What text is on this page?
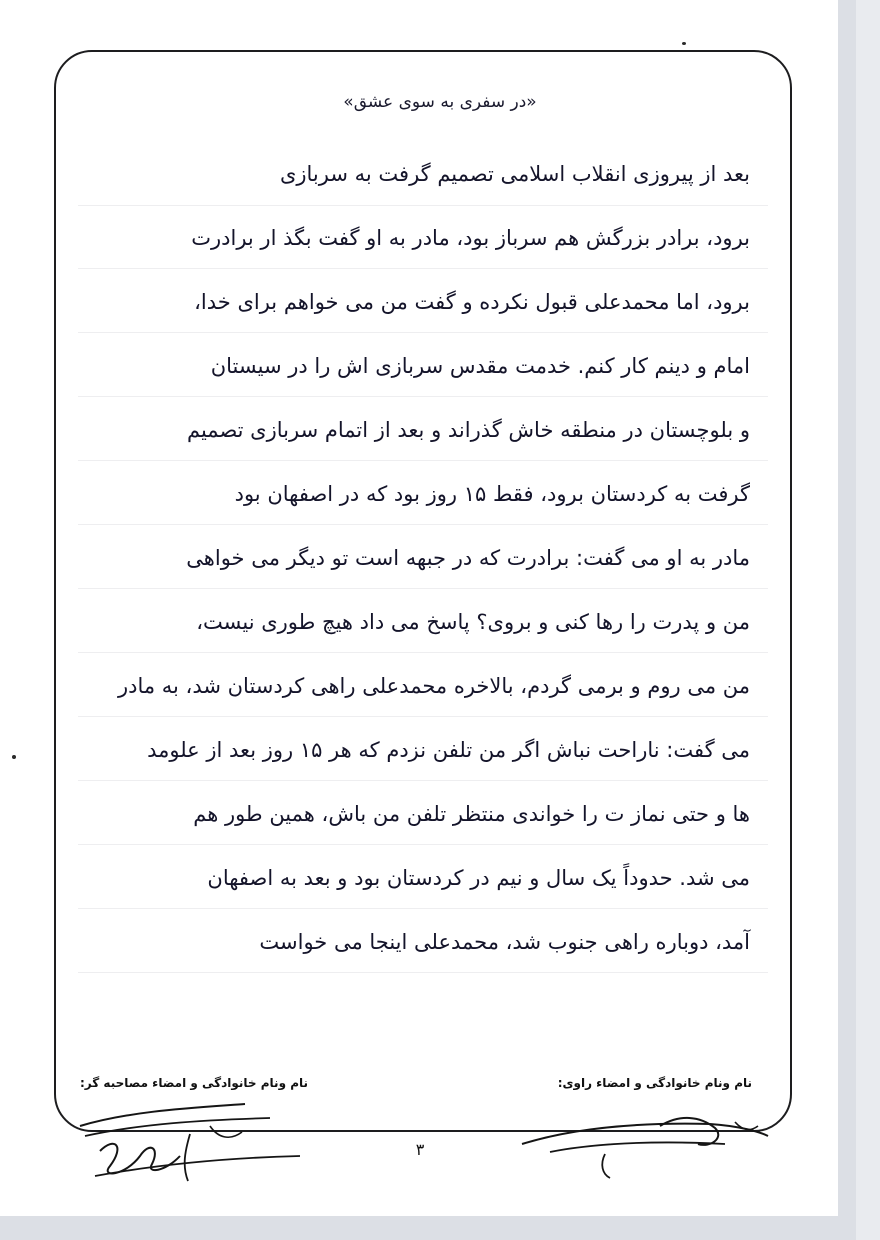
«در سفری به سوی عشق»
بعد از پیروزی انقلاب اسلامی تصمیم گرفت به سربازی
برود، برادر بزرگش هم سرباز بود، مادر به او گفت بگذ ار برادرت
برود، اما محمدعلی قبول نکرده و گفت من می خواهم برای خدا،
امام و دینم کار کنم. خدمت مقدس سربازی اش را در سیستان
و بلوچستان در منطقه خاش گذراند و بعد از اتمام سربازی تصمیم
گرفت به کردستان برود، فقط ۱۵ روز بود که در اصفهان بود
مادر به او می گفت: برادرت که در جبهه است تو دیگر می خواهی
من و پدرت را رها کنی و بروی؟ پاسخ می داد هیچ طوری نیست،
من می روم و برمی گردم، بالاخره محمدعلی راهی کردستان شد، به مادر
می گفت: ناراحت نباش اگر من تلفن نزدم که هر ۱۵ روز بعد از علومد
ها و حتی نماز ت را خواندی منتظر تلفن من باش، همین طور هم
می شد. حدوداً یک سال و نیم در کردستان بود و بعد به اصفهان
آمد، دوباره راهی جنوب شد، محمدعلی اینجا می خواست
نام ونام خانوادگی و امضاء راوی:
نام ونام خانوادگی و امضاء مصاحبه گر:
۳
